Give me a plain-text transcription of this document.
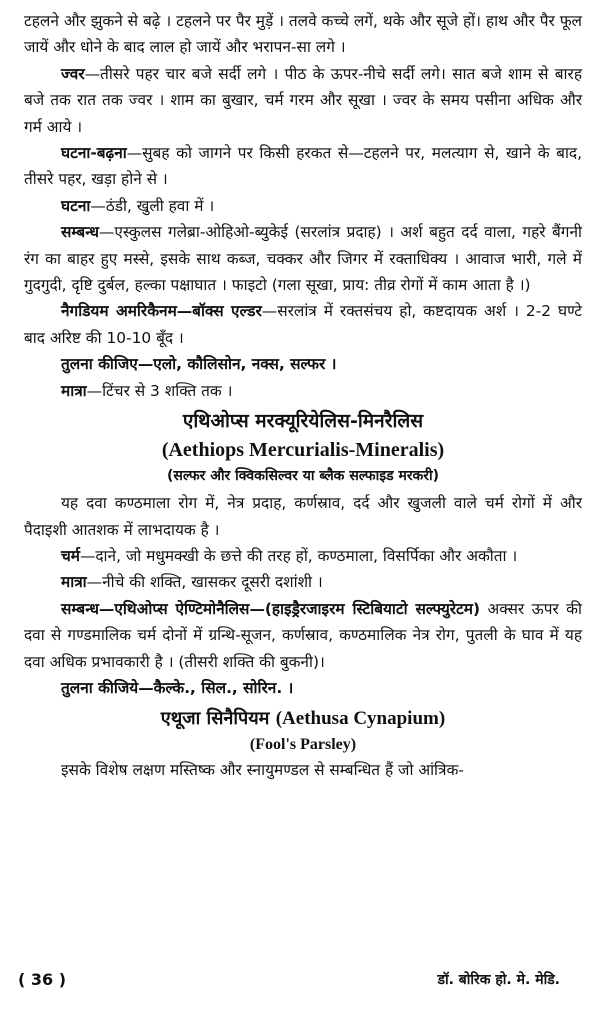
टहलने और झुकने से बढ़े । टहलने पर पैर मुड़ें । तलवे कच्चे लगें, थके और सूजे हों। हाथ और पैर फूल जायें और धोने के बाद लाल हो जायें और भरापन-सा लगे ।

ज्वर—तीसरे पहर चार बजे सर्दी लगे । पीठ के ऊपर-नीचे सर्दी लगे। सात बजे शाम से बारह बजे तक रात तक ज्वर । शाम का बुखार, चर्म गरम और सूखा । ज्वर के समय पसीना अधिक और गर्म आये ।

घटना-बढ़ना—सुबह को जागने पर किसी हरकत से—टहलने पर, मलत्याग से, खाने के बाद, तीसरे पहर, खड़ा होने से ।

घटना—ठंडी, खुली हवा में ।

सम्बन्ध—एस्कुलस गलेब्रा-ओहिओ-ब्युकेई (सरलांत्र प्रदाह) । अर्श बहुत दर्द वाला, गहरे बैंगनी रंग का बाहर हुए मस्से, इसके साथ कब्ज, चक्कर और जिगर में रक्ताधिक्य । आवाज भारी, गले में गुदगुदी, दृष्टि दुर्बल, हल्का पक्षाघात । फाइटो (गला सूखा, प्राय: तीव्र रोगों में काम आता है ।)

नैगडियम अमरिकैनम—बॉक्स एल्डर—सरलांत्र में रक्तसंचय हो, कष्टदायक अर्श । 2-2 घण्टे बाद अरिष्ट की 10-10 बूँद ।

तुलना कीजिए—एलो, कौलिसोन, नक्स, सल्फर ।

मात्रा—टिंचर से 3 शक्ति तक ।

एथिओप्स मरक्यूरियेलिस-मिनरैलिस

(Aethiops Mercurialis-Mineralis)

(सल्फर और क्विकसिल्वर या ब्लैक सल्फाइड मरकरी)

यह दवा कण्ठमाला रोग में, नेत्र प्रदाह, कर्णस्राव, दर्द और खुजली वाले चर्म रोगों में और पैदाइशी आतशक में लाभदायक है ।

चर्म—दाने, जो मधुमक्खी के छत्ते की तरह हों, कण्ठमाला, विसर्पिका और अकौता ।

मात्रा—नीचे की शक्ति, खासकर दूसरी दशांशी ।

सम्बन्ध—एथिओप्स ऐण्टिमोनैलिस—(हाइड्रैरजाइरम स्टिबियाटो सल्फ्युरेटम) अक्सर ऊपर की दवा से गण्डमालिक चर्म दोनों में ग्रन्थि-सूजन, कर्णस्राव, कण्ठमालिक नेत्र रोग, पुतली के घाव में यह दवा अधिक प्रभावकारी है । (तीसरी शक्ति की बुकनी)।

तुलना कीजिये—कैल्के., सिल., सोरिन. ।

एथूजा सिनैपियम (Aethusa Cynapium)

(Fool's Parsley)

इसके विशेष लक्षण मस्तिष्क और स्नायुमण्डल से सम्बन्धित हैं जो आंत्रिक-

( 36 )	डॉ. बोरिक हो. मे. मेडि.
